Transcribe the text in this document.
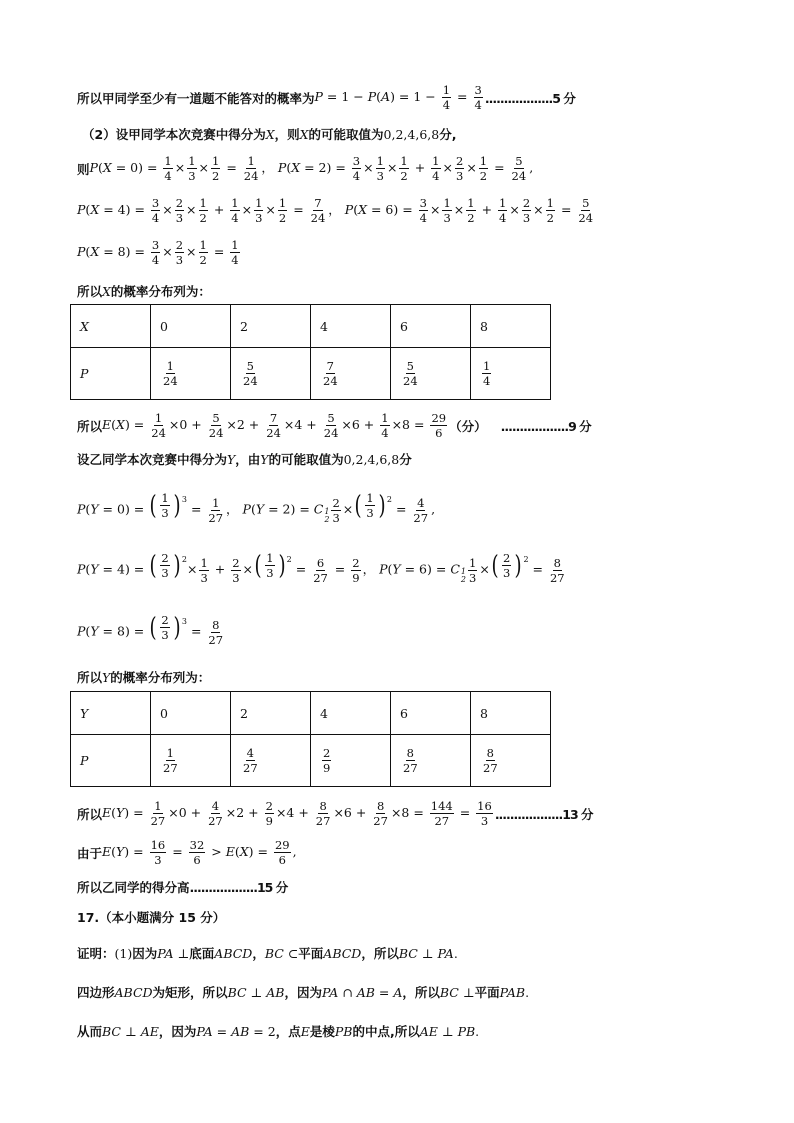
所以甲同学至少有一道题不能答对的概率为 $P = 1 - P(A) = 1 - \frac{1}{4} = \frac{3}{4} ..................5$ 分
（2）设甲同学本次竞赛中得分为 X ，则 X 的可能取值为 0,2,4,6,8 分,
则 $P(X = 0) = \frac{1}{4} \times \frac{1}{3} \times \frac{1}{2} = \frac{1}{24}$ ， $P(X = 2) = \frac{3}{4} \times \frac{1}{3} \times \frac{1}{2} + \frac{1}{4} \times \frac{2}{3} \times \frac{1}{2} = \frac{5}{24}$ ,
$P(X = 4) = \frac{3}{4} \times \frac{2}{3} \times \frac{1}{2} + \frac{1}{4} \times \frac{1}{3} \times \frac{1}{2} = \frac{7}{24}$ ， $P(X = 6) = \frac{3}{4} \times \frac{1}{3} \times \frac{1}{2} + \frac{1}{4} \times \frac{2}{3} \times \frac{1}{2} = \frac{5}{24}$
$P(X = 8) = \frac{3}{4} \times \frac{2}{3} \times \frac{1}{2} = \frac{1}{4}$
所以 X 的概率分布列为：
X	0	2	4	6	8
P	$\frac{1}{24}$	$\frac{5}{24}$	$\frac{7}{24}$	$\frac{5}{24}$	$\frac{1}{4}$
所以 $E(X) = \frac{1}{24} \times 0 + \frac{5}{24} \times 2 + \frac{7}{24} \times 4 + \frac{5}{24} \times 6 + \frac{1}{4} \times 8 = \frac{29}{6}$ （分） ..................9 分
设乙同学本次竞赛中得分为 Y ，由 Y 的可能取值为 0,2,4,6,8 分
P(Y = 0) = ( $\frac{1}{3}$ ) 3
= $\frac{1}{27}$ ， P(Y = 2) = C 1
$2 \frac{2}{3}$ × ( $\frac{1}{3}$ ) 2
= $\frac{4}{27}$ ,
P(Y = 4) = ( $\frac{2}{3}$ ) 2
× $\frac{1}{3} + \frac{2}{3}$ × ( $\frac{1}{3}$ ) 2
= $\frac{6}{27} = \frac{2}{9}$ ， P(Y = 6) = C 1
$2 \frac{1}{3}$ × ( $\frac{2}{3}$ ) 2
= $\frac{8}{27}$
P(Y = 8) = ( $\frac{2}{3}$ ) 3
= $\frac{8}{27}$
所以 Y 的概率分布列为：
Y	0	2	4	6	8
P	$\frac{1}{27}$	$\frac{4}{27}$	$\frac{2}{9}$	$\frac{8}{27}$	$\frac{8}{27}$
所以 $E(Y) = \frac{1}{27} \times 0 + \frac{4}{27} \times 2 + \frac{2}{9} \times 4 + \frac{8}{27} \times 6 + \frac{8}{27} \times 8 = \frac{144}{27} = \frac{16}{3} ..................13$ 分
由于 $E(Y) = \frac{16}{3} = \frac{32}{6} > E(X) = \frac{29}{6}$ ,
所以乙同学的得分高 ..................15 分
17.（本小题满分 15 分）
证明： (1) 因为 PA ⊥ 底面 ABCD ， BC ⊂ 平面 ABCD ，所以 BC ⊥ PA.
四边形 ABCD 为矩形，所以 BC ⊥ AB ，因为 PA ∩ AB = A ，所以 BC ⊥ 平面 PAB.
从而 BC ⊥ AE ，因为 PA = AB = 2 ，点 E 是棱 PB 的中点,所以 AE ⊥ PB.
